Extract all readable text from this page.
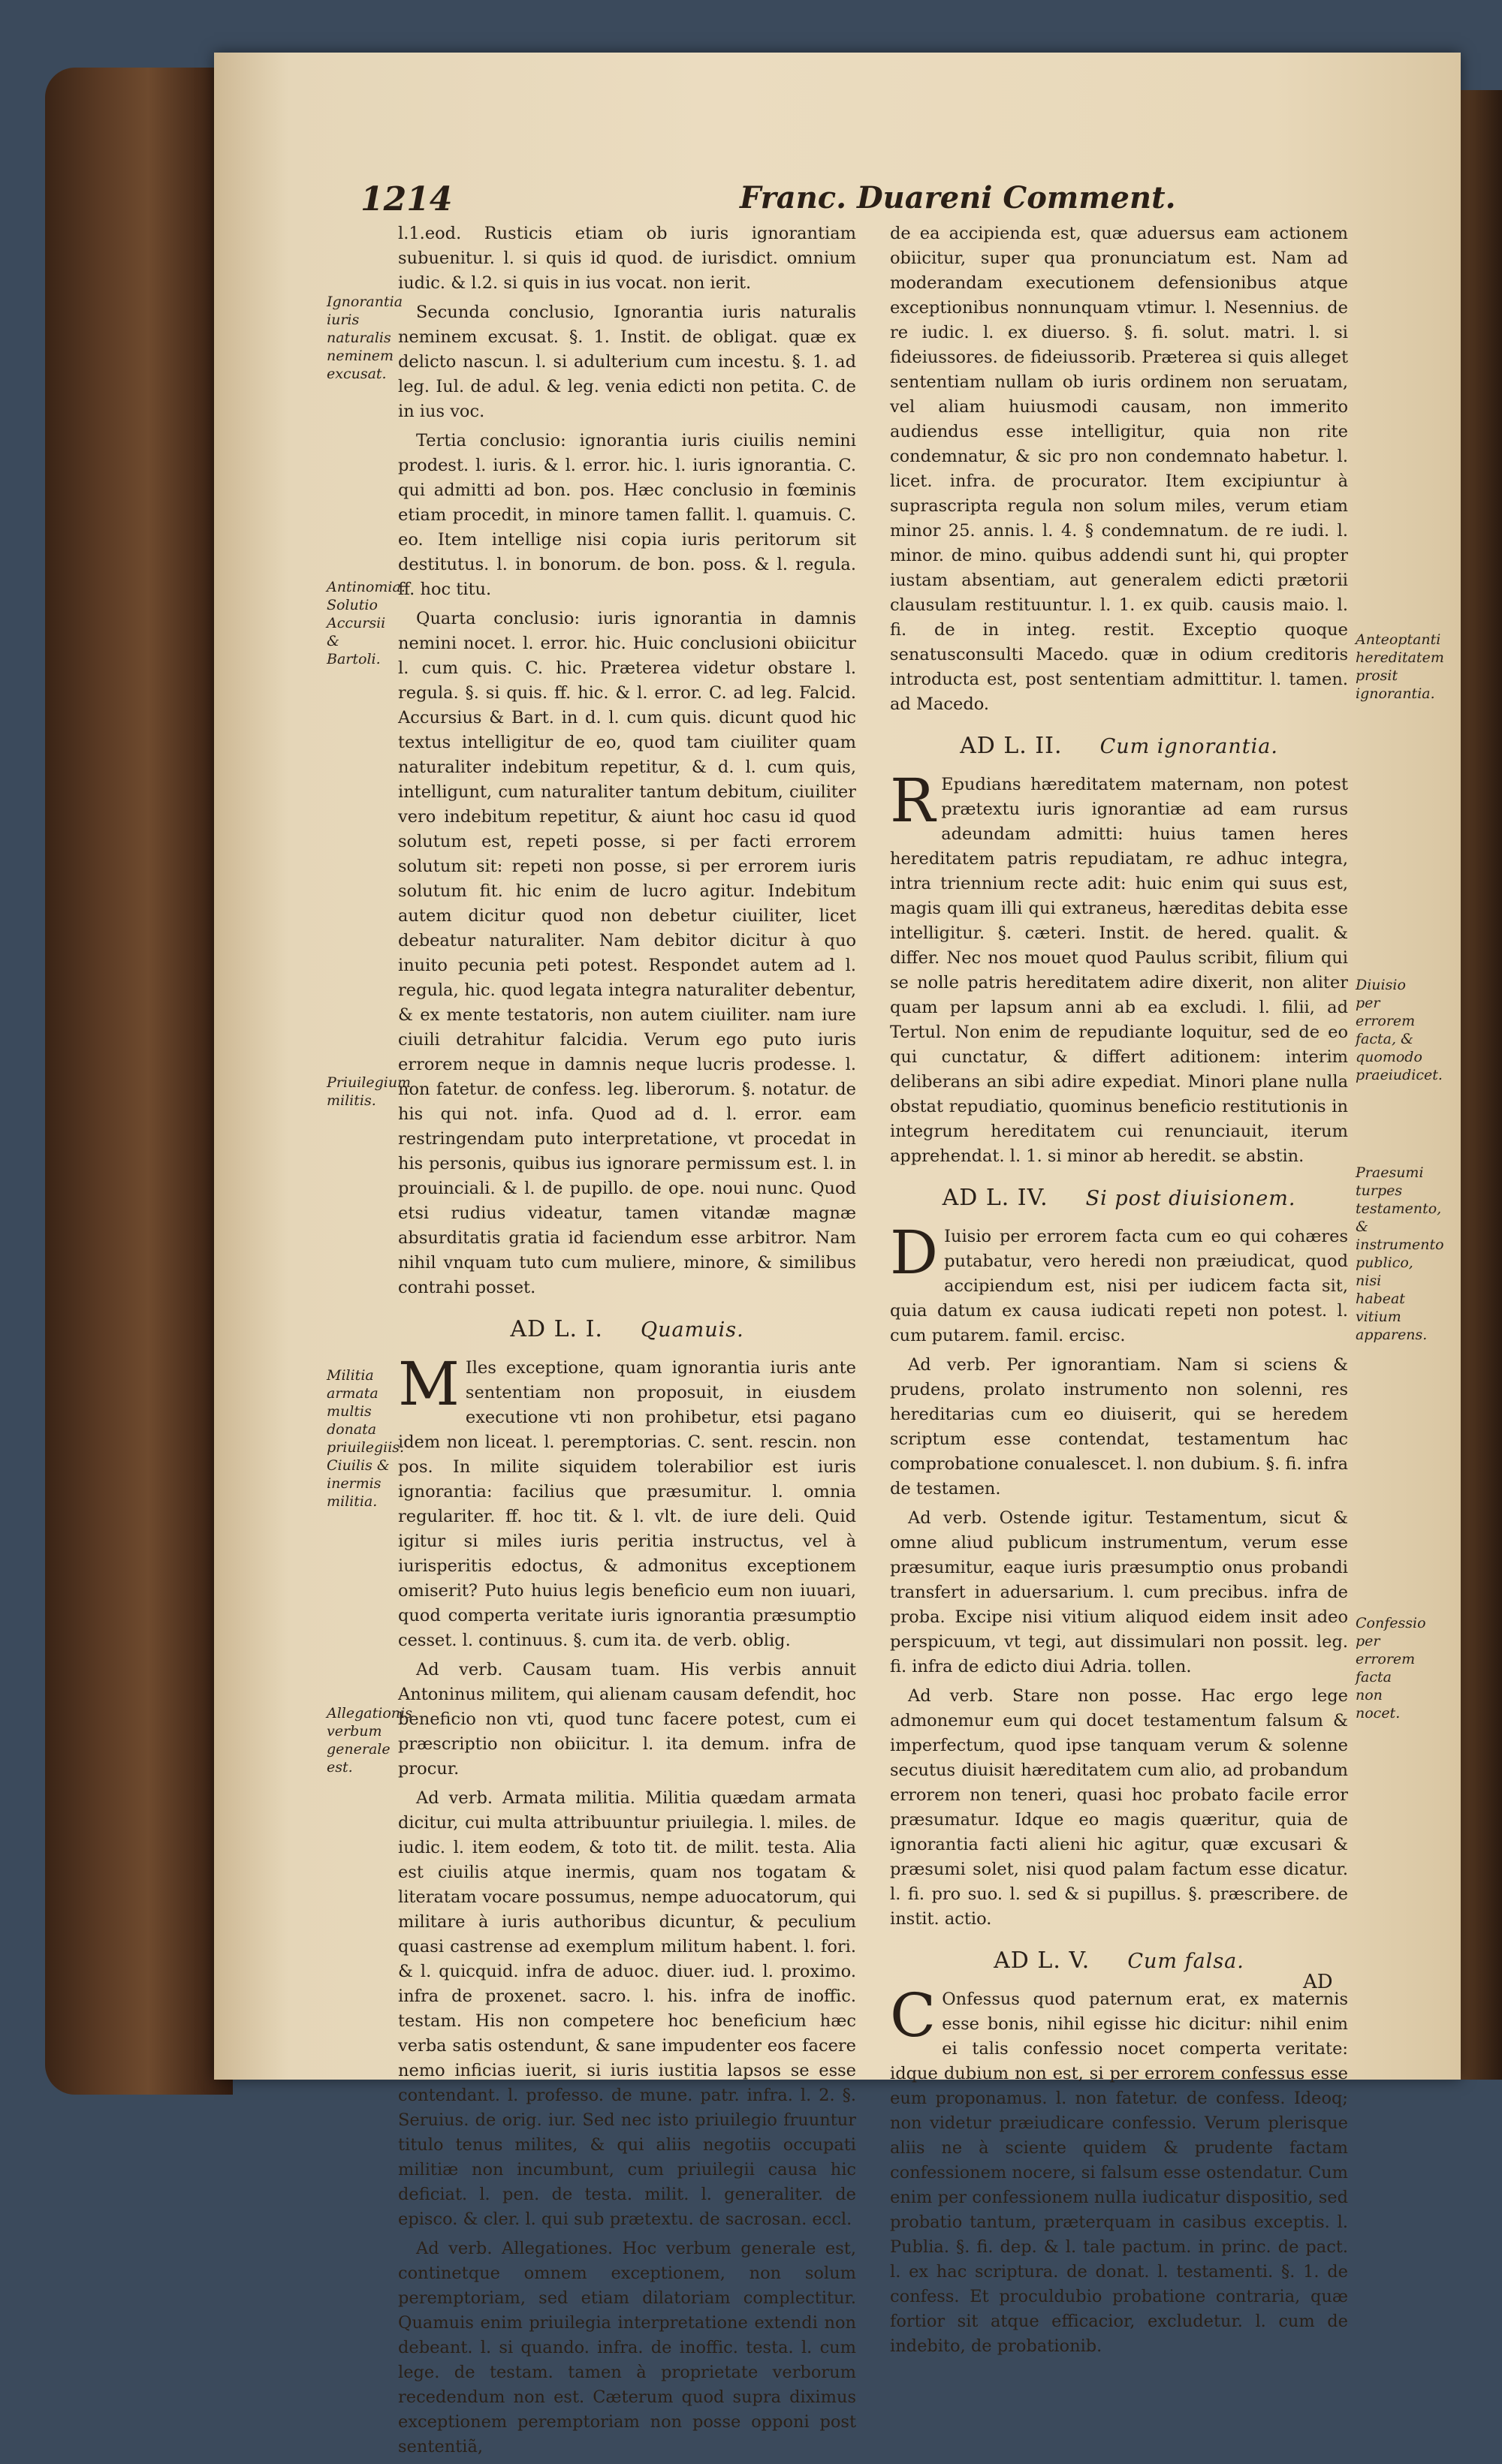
1214	Franc. Duareni Comment.
Ignorantia iuris naturalis neminem excusat.
Antinomia. Solutio Accursii & Bartoli.
Priuilegium militis.
Militia armata multis donata priuilegiis. Ciuilis & inermis militia.
Allegationis verbum generale est.

l.1.eod. Rusticis etiam ob iuris ignorantiam subuenitur. l. si quis id quod. de iurisdict. omnium iudic. & l.2. si quis in ius vocat. non ierit.

Secunda conclusio, Ignorantia iuris naturalis neminem excusat. §. 1. Instit. de obligat. quæ ex delicto nascun. l. si adulterium cum incestu. §. 1. ad leg. Iul. de adul. & leg. venia edicti non petita. C. de in ius voc.

Tertia conclusio: ignorantia iuris ciuilis nemini prodest. l. iuris. & l. error. hic. l. iuris ignorantia. C. qui admitti ad bon. pos. Hæc conclusio in fœminis etiam procedit, in minore tamen fallit. l. quamuis. C. eo. Item intellige nisi copia iuris peritorum sit destitutus. l. in bonorum. de bon. poss. & l. regula. ff. hoc titu.

Quarta conclusio: iuris ignorantia in damnis nemini nocet. l. error. hic. Huic conclusioni obiicitur l. cum quis. C. hic. Præterea videtur obstare l. regula. §. si quis. ff. hic. & l. error. C. ad leg. Falcid. Accursius & Bart. in d. l. cum quis. dicunt quod hic textus intelligitur de eo, quod tam ciuiliter quam naturaliter indebitum repetitur, & d. l. cum quis, intelligunt, cum naturaliter tantum debitum, ciuiliter vero indebitum repetitur, & aiunt hoc casu id quod solutum est, repeti posse, si per facti errorem solutum sit: repeti non posse, si per errorem iuris solutum fit. hic enim de lucro agitur. Indebitum autem dicitur quod non debetur ciuiliter, licet debeatur naturaliter. Nam debitor dicitur à quo inuito pecunia peti potest. Respondet autem ad l. regula, hic. quod legata integra naturaliter debentur, & ex mente testatoris, non autem ciuiliter. nam iure ciuili detrahitur falcidia. Verum ego puto iuris errorem neque in damnis neque lucris prodesse. l. non fatetur. de confess. leg. liberorum. §. notatur. de his qui not. infa. Quod ad d. l. error. eam restringendam puto interpretatione, vt procedat in his personis, quibus ius ignorare permissum est. l. in prouinciali. & l. de pupillo. de ope. noui nunc. Quod etsi rudius videatur, tamen vitandæ magnæ absurditatis gratia id faciendum esse arbitror. Nam nihil vnquam tuto cum muliere, minore, & similibus contrahi posset.

AD L. I. Quamuis.

M Iles exceptione, quam ignorantia iuris ante sententiam non proposuit, in eiusdem executione vti non prohibetur, etsi pagano idem non liceat. l. peremptorias. C. sent. rescin. non pos. In milite siquidem tolerabilior est iuris ignorantia: facilius que præsumitur. l. omnia regulariter. ff. hoc tit. & l. vlt. de iure deli. Quid igitur si miles iuris peritia instructus, vel à iurisperitis edoctus, & admonitus exceptionem omiserit? Puto huius legis beneficio eum non iuuari, quod comperta veritate iuris ignorantia præsumptio cesset. l. continuus. §. cum ita. de verb. oblig.

Ad verb. Causam tuam. His verbis annuit Antoninus militem, qui alienam causam defendit, hoc beneficio non vti, quod tunc facere potest, cum ei præscriptio non obiicitur. l. ita demum. infra de procur.

Ad verb. Armata militia. Militia quædam armata dicitur, cui multa attribuuntur priuilegia. l. miles. de iudic. l. item eodem, & toto tit. de milit. testa. Alia est ciuilis atque inermis, quam nos togatam & literatam vocare possumus, nempe aduocatorum, qui militare à iuris authoribus dicuntur, & peculium quasi castrense ad exemplum militum habent. l. fori. & l. quicquid. infra de aduoc. diuer. iud. l. proximo. infra de proxenet. sacro. l. his. infra de inoffic. testam. His non competere hoc beneficium hæc verba satis ostendunt, & sane impudenter eos facere nemo inficias iuerit, si iuris iustitia lapsos se esse contendant. l. professo. de mune. patr. infra. l. 2. §. Seruius. de orig. iur. Sed nec isto priuilegio fruuntur titulo tenus milites, & qui aliis negotiis occupati militiæ non incumbunt, cum priuilegii causa hic deficiat. l. pen. de testa. milit. l. generaliter. de episco. & cler. l. qui sub prætextu. de sacrosan. eccl.

Ad verb. Allegationes. Hoc verbum generale est, continetque omnem exceptionem, non solum peremptoriam, sed etiam dilatoriam complectitur. Quamuis enim priuilegia interpretatione extendi non debeant. l. si quando. infra. de inoffic. testa. l. cum lege. de testam. tamen à proprietate verborum recedendum non est. Cæterum quod supra diximus exceptionem peremptoriam non posse opponi post sententiã,

de ea accipienda est, quæ aduersus eam actionem obiicitur, super qua pronunciatum est. Nam ad moderandam executionem defensionibus atque exceptionibus nonnunquam vtimur. l. Nesennius. de re iudic. l. ex diuerso. §. fi. solut. matri. l. si fideiussores. de fideiussorib. Præterea si quis alleget sententiam nullam ob iuris ordinem non seruatam, vel aliam huiusmodi causam, non immerito audiendus esse intelligitur, quia non rite condemnatur, & sic pro non condemnato habetur. l. licet. infra. de procurator. Item excipiuntur à suprascripta regula non solum miles, verum etiam minor 25. annis. l. 4. § condemnatum. de re iudi. l. minor. de mino. quibus addendi sunt hi, qui propter iustam absentiam, aut generalem edicti prætorii clausulam restituuntur. l. 1. ex quib. causis maio. l. fi. de in integ. restit. Exceptio quoque senatusconsulti Macedo. quæ in odium creditoris introducta est, post sententiam admittitur. l. tamen. ad Macedo.

AD L. II. Cum ignorantia.

R Epudians hæreditatem maternam, non potest prætextu iuris ignorantiæ ad eam rursus adeundam admitti: huius tamen heres hereditatem patris repudiatam, re adhuc integra, intra triennium recte adit: huic enim qui suus est, magis quam illi qui extraneus, hæreditas debita esse intelligitur. §. cæteri. Instit. de hered. qualit. & differ. Nec nos mouet quod Paulus scribit, filium qui se nolle patris hereditatem adire dixerit, non aliter quam per lapsum anni ab ea excludi. l. filii, ad Tertul. Non enim de repudiante loquitur, sed de eo qui cunctatur, & differt aditionem: interim deliberans an sibi adire expediat. Minori plane nulla obstat repudiatio, quominus beneficio restitutionis in integrum hereditatem cui renunciauit, iterum apprehendat. l. 1. si minor ab heredit. se abstin.

AD L. IV. Si post diuisionem.

D Iuisio per errorem facta cum eo qui cohæres putabatur, vero heredi non præiudicat, quod accipiendum est, nisi per iudicem facta sit, quia datum ex causa iudicati repeti non potest. l. cum putarem. famil. ercisc.

Ad verb. Per ignorantiam. Nam si sciens & prudens, prolato instrumento non solenni, res hereditarias cum eo diuiserit, qui se heredem scriptum esse contendat, testamentum hac comprobatione conualescet. l. non dubium. §. fi. infra de testamen.

Ad verb. Ostende igitur. Testamentum, sicut & omne aliud publicum instrumentum, verum esse præsumitur, eaque iuris præsumptio onus probandi transfert in aduersarium. l. cum precibus. infra de proba. Excipe nisi vitium aliquod eidem insit adeo perspicuum, vt tegi, aut dissimulari non possit. leg. fi. infra de edicto diui Adria. tollen.

Ad verb. Stare non posse. Hac ergo lege admonemur eum qui docet testamentum falsum & imperfectum, quod ipse tanquam verum & solenne secutus diuisit hæreditatem cum alio, ad probandum errorem non teneri, quasi hoc probato facile error præsumatur. Idque eo magis quæritur, quia de ignorantia facti alieni hic agitur, quæ excusari & præsumi solet, nisi quod palam factum esse dicatur. l. fi. pro suo. l. sed & si pupillus. §. præscribere. de instit. actio.

AD L. V. Cum falsa.

C Onfessus quod paternum erat, ex maternis esse bonis, nihil egisse hic dicitur: nihil enim ei talis confessio nocet comperta veritate: idque dubium non est, si per errorem confessus esse eum proponamus. l. non fatetur. de confess. Ideoq; non videtur præiudicare confessio. Verum plerisque aliis ne à sciente quidem & prudente factam confessionem nocere, si falsum esse ostendatur. Cum enim per confessionem nulla iudicatur dispositio, sed probatio tantum, præterquam in casibus exceptis. l. Publia. §. fi. dep. & l. tale pactum. in princ. de pact. l. ex hac scriptura. de donat. l. testamenti. §. 1. de confess. Et proculdubio probatione contraria, quæ fortior sit atque efficacior, excludetur. l. cum de indebito, de probationib.

Anteoptanti hereditatem prosit ignorantia.
Diuisio per errorem facta, & quomodo praeiudicet.
Praesumi turpes testamento, & instrumento publico, nisi habeat vitium apparens.
Confessio per errorem facta non nocet.
AD
